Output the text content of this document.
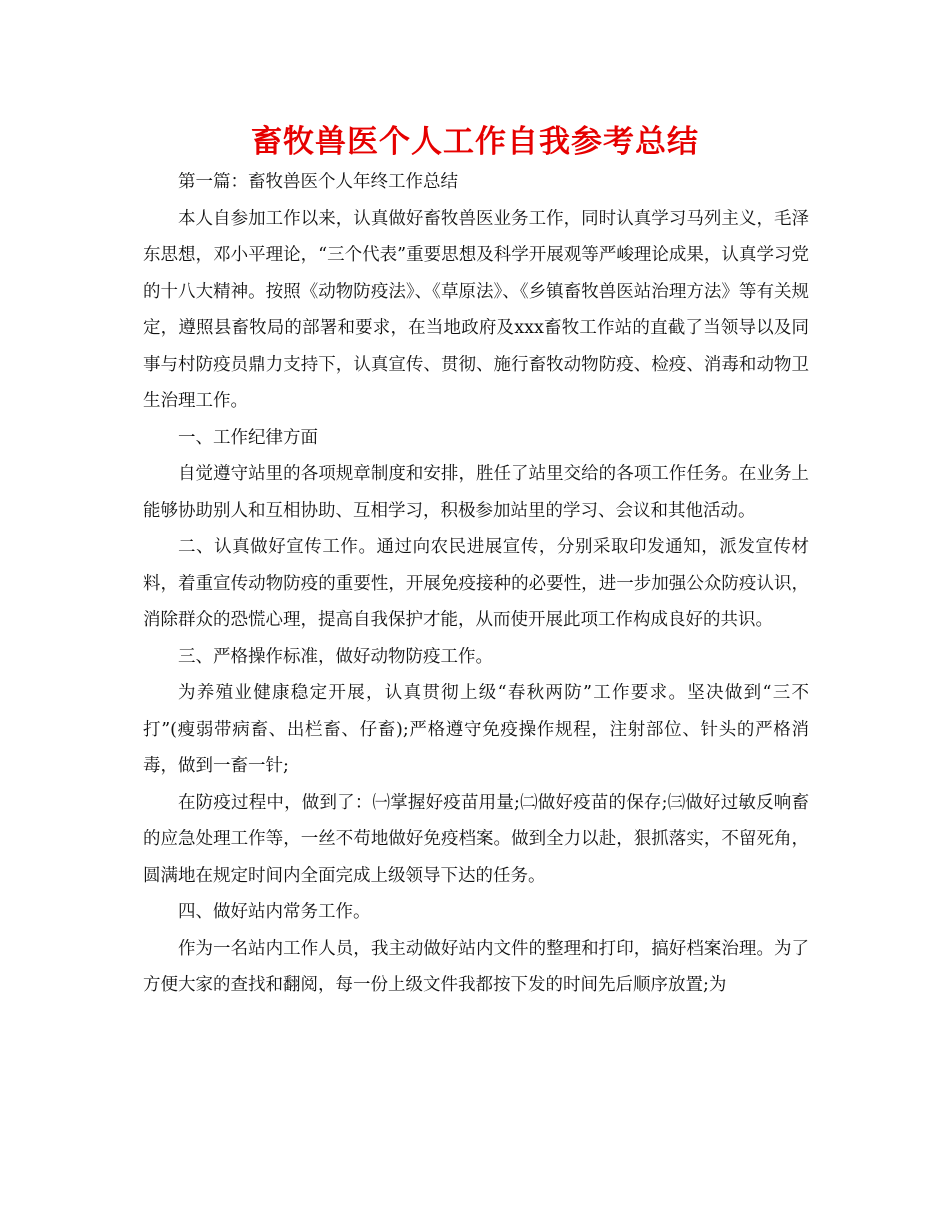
畜牧兽医个人工作自我参考总结

第一篇：畜牧兽医个人年终工作总结

本人自参加工作以来，认真做好畜牧兽医业务工作，同时认真学习马列主义，毛泽东思想，邓小平理论，“三个代表”重要思想及科学开展观等严峻理论成果，认真学习党的十八大精神。按照《动物防疫法》、《草原法》、《乡镇畜牧兽医站治理方法》等有关规定，遵照县畜牧局的部署和要求，在当地政府及xxx畜牧工作站的直截了当领导以及同事与村防疫员鼎力支持下，认真宣传、贯彻、施行畜牧动物防疫、检疫、消毒和动物卫生治理工作。

一、工作纪律方面

自觉遵守站里的各项规章制度和安排，胜任了站里交给的各项工作任务。在业务上能够协助别人和互相协助、互相学习，积极参加站里的学习、会议和其他活动。

二、认真做好宣传工作。通过向农民进展宣传，分别采取印发通知，派发宣传材料，着重宣传动物防疫的重要性，开展免疫接种的必要性，进一步加强公众防疫认识，消除群众的恐慌心理，提高自我保护才能，从而使开展此项工作构成良好的共识。

三、严格操作标准，做好动物防疫工作。

为养殖业健康稳定开展，认真贯彻上级“春秋两防”工作要求。坚决做到“三不打”(瘦弱带病畜、出栏畜、仔畜);严格遵守免疫操作规程，注射部位、针头的严格消毒，做到一畜一针;

在防疫过程中，做到了：㈠掌握好疫苗用量;㈡做好疫苗的保存;㈢做好过敏反响畜的应急处理工作等，一丝不苟地做好免疫档案。做到全力以赴，狠抓落实，不留死角，圆满地在规定时间内全面完成上级领导下达的任务。

四、做好站内常务工作。

作为一名站内工作人员，我主动做好站内文件的整理和打印，搞好档案治理。为了方便大家的查找和翻阅，每一份上级文件我都按下发的时间先后顺序放置;为
